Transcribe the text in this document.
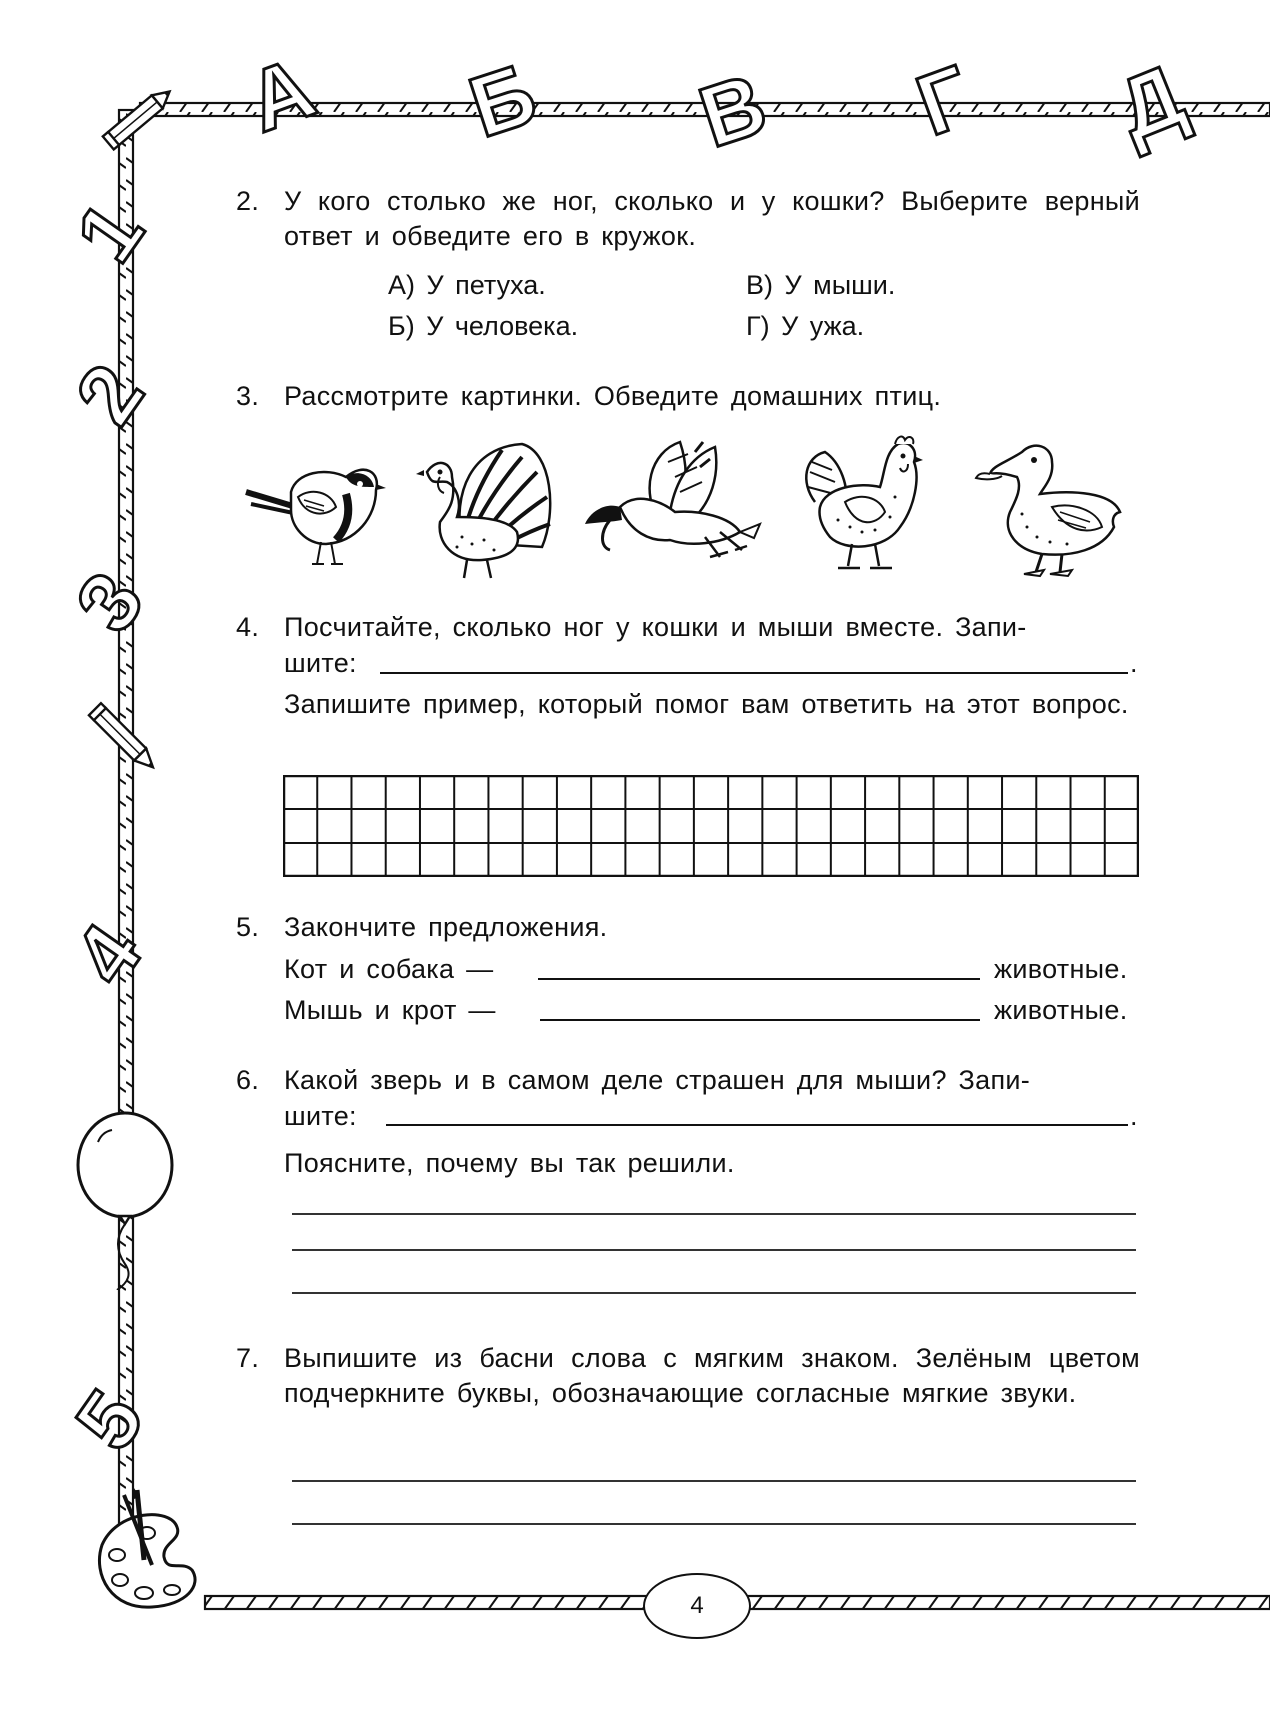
А Б В Г Д
1
2
3
4
5
2. У кого столько же ног, сколько и у кошки? Выберите верный ответ и обведите его в кружок.
А) У петуха.	В) У мыши.
Б) У человека.	Г) У ужа.
3. Рассмотрите картинки. Обведите домашних птиц.
4. Посчитайте, сколько ног у кошки и мыши вместе. Запи-
шите:	.
Запишите пример, который помог вам ответить на этот вопрос.
5. Закончите предложения.
Кот и собака —	животные.
Мышь и крот —	животные.
6. Какой зверь и в самом деле страшен для мыши? Запи-
шите:	.
Поясните, почему вы так решили.
7. Выпишите из басни слова с мягким знаком. Зелёным цветом подчеркните буквы, обозначающие согласные мягкие звуки.
4
